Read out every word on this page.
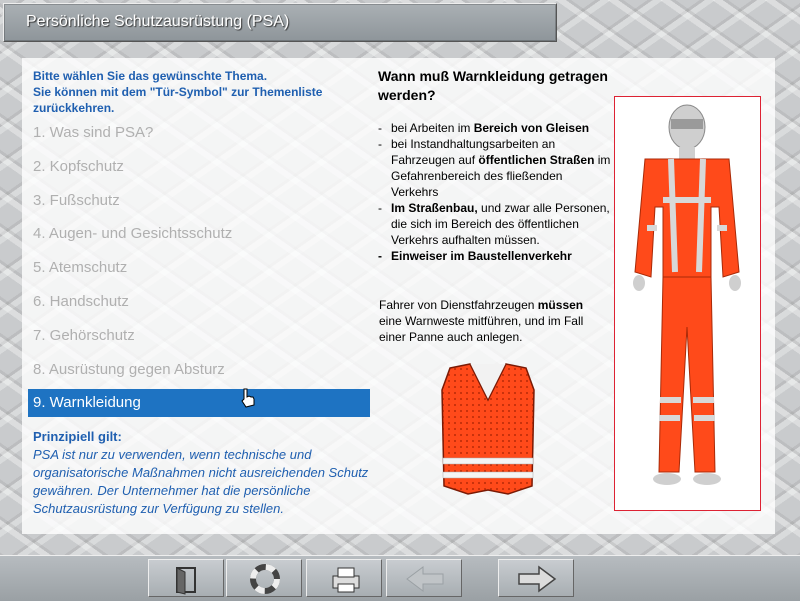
Persönliche Schutzausrüstung (PSA)
Bitte wählen Sie das gewünschte Thema.
Sie können mit dem "Tür-Symbol" zur Themenliste
zurückkehren.
1. Was sind PSA?
2. Kopfschutz
3. Fußschutz
4. Augen- und Gesichtsschutz
5. Atemschutz
6. Handschutz
7. Gehörschutz
8. Ausrüstung gegen Absturz
9. Warnkleidung
Prinzipiell gilt:
PSA ist nur zu verwenden, wenn technische und organisatorische Maßnahmen nicht ausreichenden Schutz gewähren. Der Unternehmer hat die persönliche Schutzausrüstung zur Verfügung zu stellen.
Wann muß Warnkleidung getragen werden?
- bei Arbeiten im Bereich von Gleisen
- bei Instandhaltungsarbeiten an Fahrzeugen auf öffentlichen Straßen im Gefahrenbereich des fließenden Verkehrs
- Im Straßenbau, und zwar alle Personen, die sich im Bereich des öffentlichen Verkehrs aufhalten müssen.
- Einweiser im Baustellenverkehr
Fahrer von Dienstfahrzeugen müssen eine Warnweste mitführen, und im Fall einer Panne auch anlegen.
